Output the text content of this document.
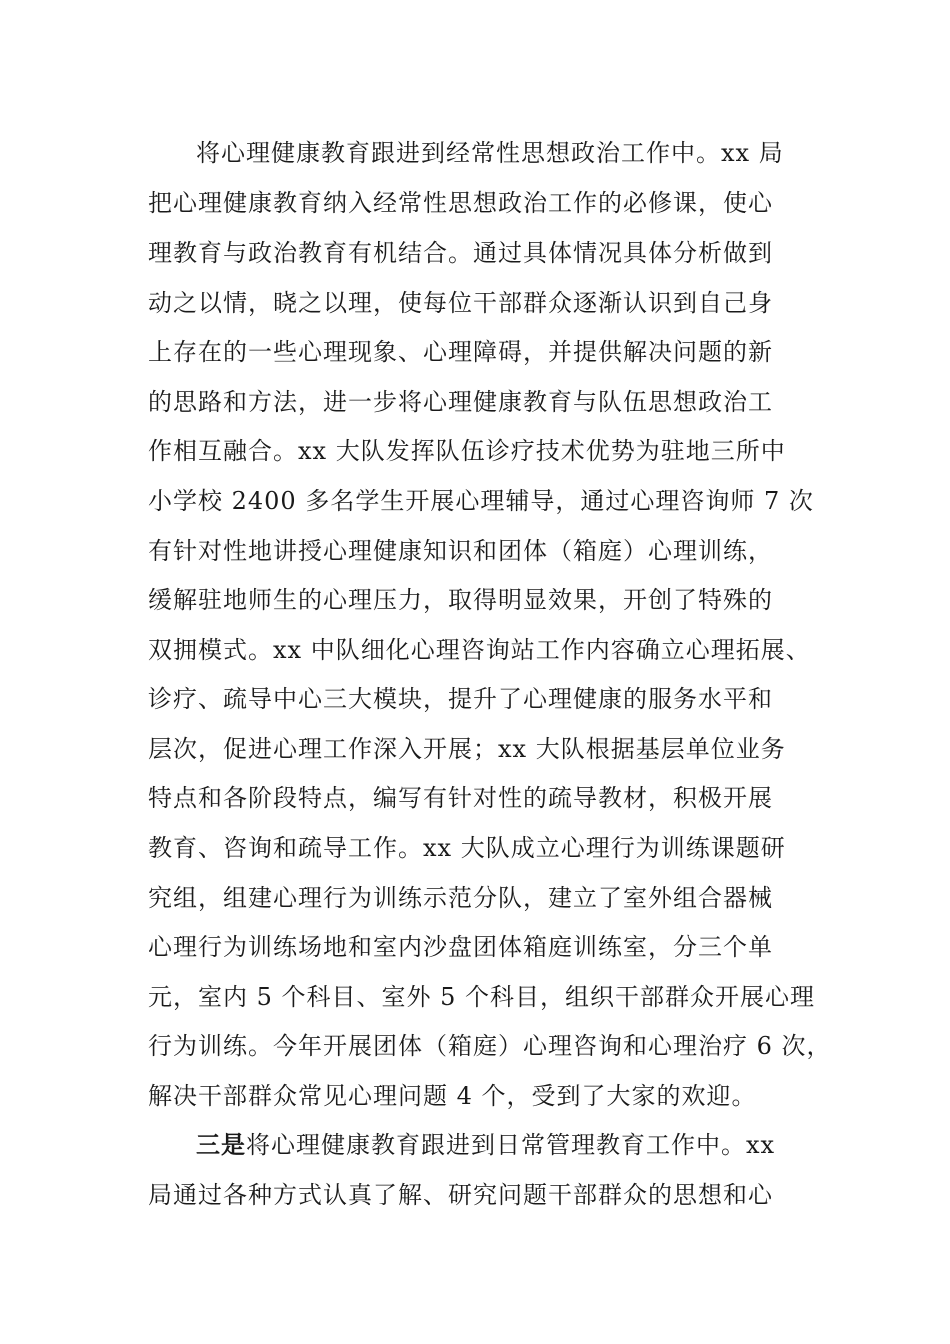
将心理健康教育跟进到经常性思想政治工作中。xx 局
把心理健康教育纳入经常性思想政治工作的必修课，使心
理教育与政治教育有机结合。通过具体情况具体分析做到
动之以情，晓之以理，使每位干部群众逐渐认识到自己身
上存在的一些心理现象、心理障碍，并提供解决问题的新
的思路和方法，进一步将心理健康教育与队伍思想政治工
作相互融合。xx 大队发挥队伍诊疗技术优势为驻地三所中
小学校 2400 多名学生开展心理辅导，通过心理咨询师 7 次
有针对性地讲授心理健康知识和团体（箱庭）心理训练，
缓解驻地师生的心理压力，取得明显效果，开创了特殊的
双拥模式。xx 中队细化心理咨询站工作内容确立心理拓展、
诊疗、疏导中心三大模块，提升了心理健康的服务水平和
层次，促进心理工作深入开展；xx 大队根据基层单位业务
特点和各阶段特点，编写有针对性的疏导教材，积极开展
教育、咨询和疏导工作。xx 大队成立心理行为训练课题研
究组，组建心理行为训练示范分队，建立了室外组合器械
心理行为训练场地和室内沙盘团体箱庭训练室，分三个单
元，室内 5 个科目、室外 5 个科目，组织干部群众开展心理
行为训练。今年开展团体（箱庭）心理咨询和心理治疗 6 次，
解决干部群众常见心理问题 4 个，受到了大家的欢迎。
三是将心理健康教育跟进到日常管理教育工作中。xx
局通过各种方式认真了解、研究问题干部群众的思想和心
